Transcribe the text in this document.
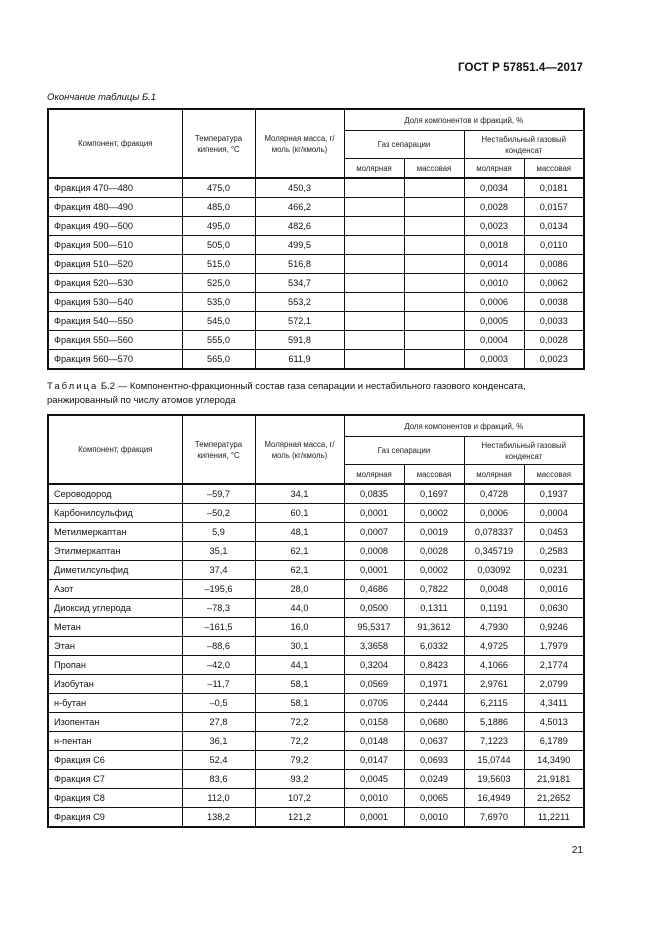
ГОСТ Р 57851.4—2017
Окончание таблицы Б.1
Компонент, фракция	Температура кипения, °C	Молярная масса, г/моль (кг/кмоль)	Доля компонентов и фракций, %			
			Газ сепарации		Нестабильный газовый конденсат	
			молярная	массовая	молярная	массовая
Фракция 470—480	475,0	450,3			0,0034	0,0181
Фракция 480—490	485,0	466,2			0,0028	0,0157
Фракция 490—500	495,0	482,6			0,0023	0,0134
Фракция 500—510	505,0	499,5			0,0018	0,0110
Фракция 510—520	515,0	516,8			0,0014	0,0086
Фракция 520—530	525,0	534,7			0,0010	0,0062
Фракция 530—540	535,0	553,2			0,0006	0,0038
Фракция 540—550	545,0	572,1			0,0005	0,0033
Фракция 550—560	555,0	591,8			0,0004	0,0028
Фракция 560—570	565,0	611,9			0,0003	0,0023
Таблица Б.2 — Компонентно-фракционный состав газа сепарации и нестабильного газового конденсата, ранжированный по числу атомов углерода
Компонент, фракция	Температура кипения, °C	Молярная масса, г/моль (кг/кмоль)	Доля компонентов и фракций, %			
			Газ сепарации		Нестабильный газовый конденсат	
			молярная	массовая	молярная	массовая
Сероводород	–59,7	34,1	0,0835	0,1697	0,4728	0,1937
Карбонилсульфид	–50,2	60,1	0,0001	0,0002	0,0006	0,0004
Метилмеркаптан	5,9	48,1	0,0007	0,0019	0,078337	0,0453
Этилмеркаптан	35,1	62,1	0,0008	0,0028	0,345719	0,2583
Диметилсульфид	37,4	62,1	0,0001	0,0002	0,03092	0,0231
Азот	–195,6	28,0	0,4686	0,7822	0,0048	0,0016
Диоксид углерода	–78,3	44,0	0,0500	0,1311	0,1191	0,0630
Метан	–161,5	16,0	95,5317	91,3612	4,7930	0,9246
Этан	–88,6	30,1	3,3658	6,0332	4,9725	1,7979
Пропан	–42,0	44,1	0,3204	0,8423	4,1066	2,1774
Изобутан	–11,7	58,1	0,0569	0,1971	2,9761	2,0799
н-бутан	–0,5	58,1	0,0705	0,2444	6,2115	4,3411
Изопентан	27,8	72,2	0,0158	0,0680	5,1886	4,5013
н-пентан	36,1	72,2	0,0148	0,0637	7,1223	6,1789
Фракция С6	52,4	79,2	0,0147	0,0693	15,0744	14,3490
Фракция С7	83,6	93,2	0,0045	0,0249	19,5603	21,9181
Фракция С8	112,0	107,2	0,0010	0,0065	16,4949	21,2652
Фракция С9	138,2	121,2	0,0001	0,0010	7,6970	11,2211
21
